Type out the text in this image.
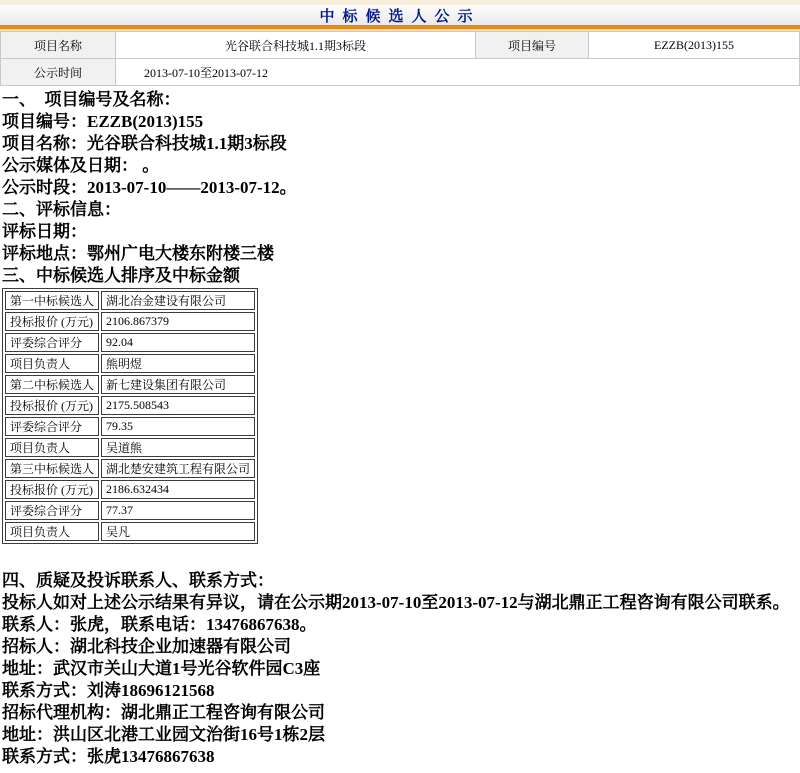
中标候选人公示
项目名称	光谷联合科技城1.1期3标段	项目编号	EZZB(2013)155
公示时间	2013-07-10至2013-07-12		
一、　项目编号及名称：
项目编号：EZZB(2013)155
项目名称：光谷联合科技城1.1期3标段
公示媒体及日期： 。
公示时段：2013-07-10——2013-07-12。
二、评标信息：
评标日期：
评标地点：鄂州广电大楼东附楼三楼
三、中标候选人排序及中标金额
第一中标候选人	湖北冶金建设有限公司
投标报价 (万元)	2106.867379
评委综合评分	92.04
项目负责人	熊明煜
第二中标候选人	新七建设集团有限公司
投标报价 (万元)	2175.508543
评委综合评分	79.35
项目负责人	吴道熊
第三中标候选人	湖北楚安建筑工程有限公司
投标报价 (万元)	2186.632434
评委综合评分	77.37
项目负责人	吴凡
四、质疑及投诉联系人、联系方式：
投标人如对上述公示结果有异议，请在公示期2013-07-10至2013-07-12与湖北鼎正工程咨询有限公司联系。联系人：张虎，联系电话：13476867638。
招标人：湖北科技企业加速器有限公司
地址：武汉市关山大道1号光谷软件园C3座
联系方式：刘涛18696121568
招标代理机构：湖北鼎正工程咨询有限公司
地址：洪山区北港工业园文治街16号1栋2层
联系方式：张虎13476867638
